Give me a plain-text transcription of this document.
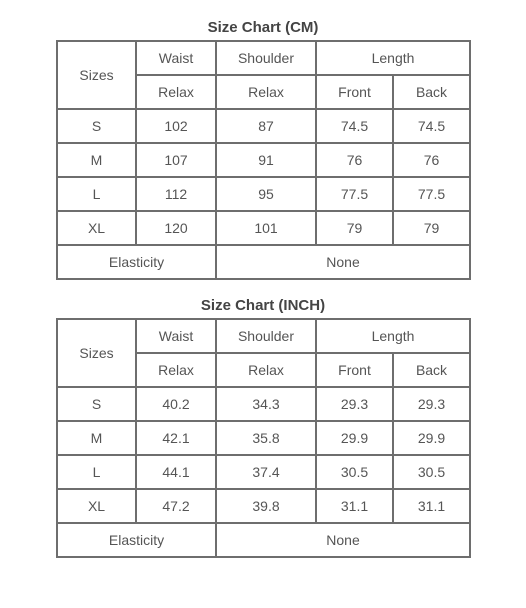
Size Chart (CM)
Sizes	Waist	Shoulder	Length	
	Relax	Relax	Front	Back
S	102	87	74.5	74.5
M	107	91	76	76
L	112	95	77.5	77.5
XL	120	101	79	79
Elasticity		None		
Size Chart (INCH)
Sizes	Waist	Shoulder	Length	
	Relax	Relax	Front	Back
S	40.2	34.3	29.3	29.3
M	42.1	35.8	29.9	29.9
L	44.1	37.4	30.5	30.5
XL	47.2	39.8	31.1	31.1
Elasticity		None		
